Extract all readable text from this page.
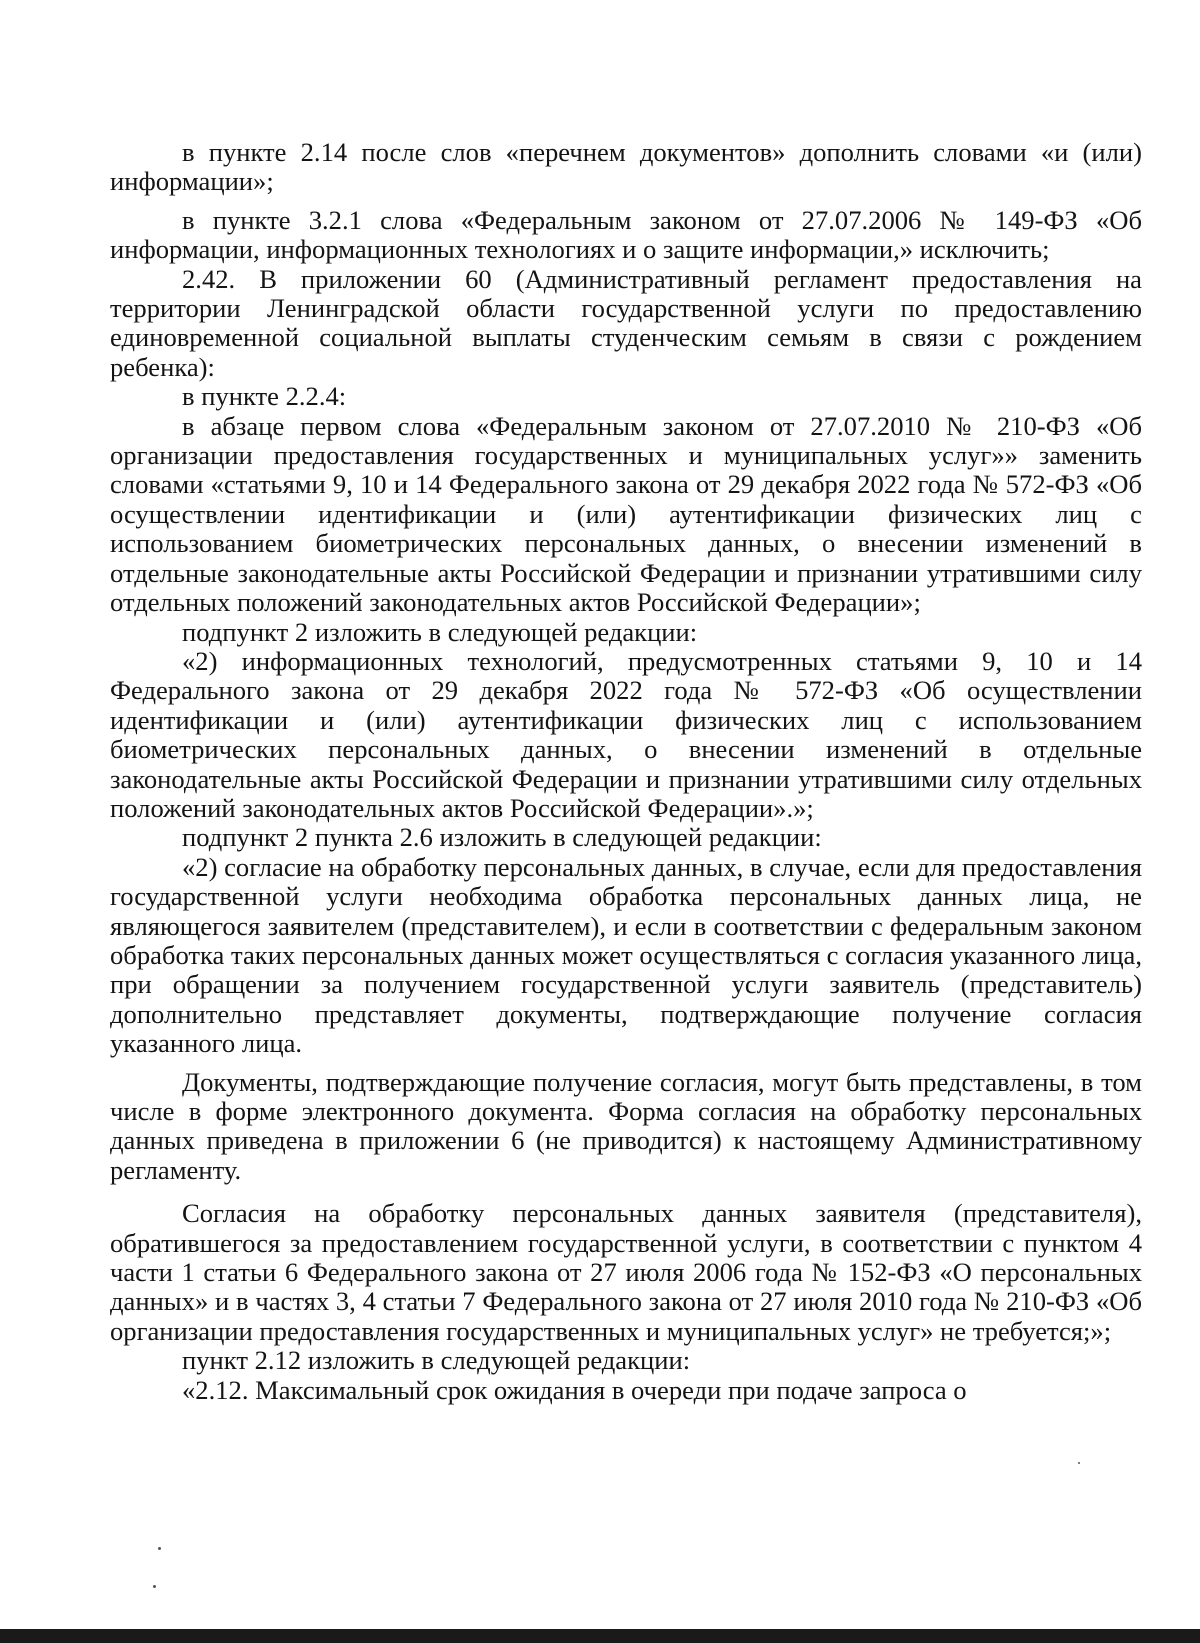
в пункте 2.14 после слов «перечнем документов» дополнить словами «и (или) информации»;

в пункте 3.2.1 слова «Федеральным законом от 27.07.2006 № 149-ФЗ «Об информации, информационных технологиях и о защите информации,» исключить;

2.42. В приложении 60 (Административный регламент предоставления на территории Ленинградской области государственной услуги по предоставлению единовременной социальной выплаты студенческим семьям в связи с рождением ребенка):

в пункте 2.2.4:

в абзаце первом слова «Федеральным законом от 27.07.2010 № 210-ФЗ «Об организации предоставления государственных и муниципальных услуг»» заменить словами «статьями 9, 10 и 14 Федерального закона от 29 декабря 2022 года № 572-ФЗ «Об осуществлении идентификации и (или) аутентификации физических лиц с использованием биометрических персональных данных, о внесении изменений в отдельные законодательные акты Российской Федерации и признании утратившими силу отдельных положений законодательных актов Российской Федерации»;

подпункт 2 изложить в следующей редакции:

«2) информационных технологий, предусмотренных статьями 9, 10 и 14 Федерального закона от 29 декабря 2022 года № 572-ФЗ «Об осуществлении идентификации и (или) аутентификации физических лиц с использованием биометрических персональных данных, о внесении изменений в отдельные законодательные акты Российской Федерации и признании утратившими силу отдельных положений законодательных актов Российской Федерации».»;

подпункт 2 пункта 2.6 изложить в следующей редакции:

«2) согласие на обработку персональных данных, в случае, если для предоставления государственной услуги необходима обработка персональных данных лица, не являющегося заявителем (представителем), и если в соответствии с федеральным законом обработка таких персональных данных может осуществляться с согласия указанного лица, при обращении за получением государственной услуги заявитель (представитель) дополнительно представляет документы, подтверждающие получение согласия указанного лица.

Документы, подтверждающие получение согласия, могут быть представлены, в том числе в форме электронного документа. Форма согласия на обработку персональных данных приведена в приложении 6 (не приводится) к настоящему Административному регламенту.

Согласия на обработку персональных данных заявителя (представителя), обратившегося за предоставлением государственной услуги, в соответствии с пунктом 4 части 1 статьи 6 Федерального закона от 27 июля 2006 года № 152-ФЗ «О персональных данных» и в частях 3, 4 статьи 7 Федерального закона от 27 июля 2010 года № 210-ФЗ «Об организации предоставления государственных и муниципальных услуг» не требуется;»;

пункт 2.12 изложить в следующей редакции:

«2.12. Максимальный срок ожидания в очереди при подаче запроса о
